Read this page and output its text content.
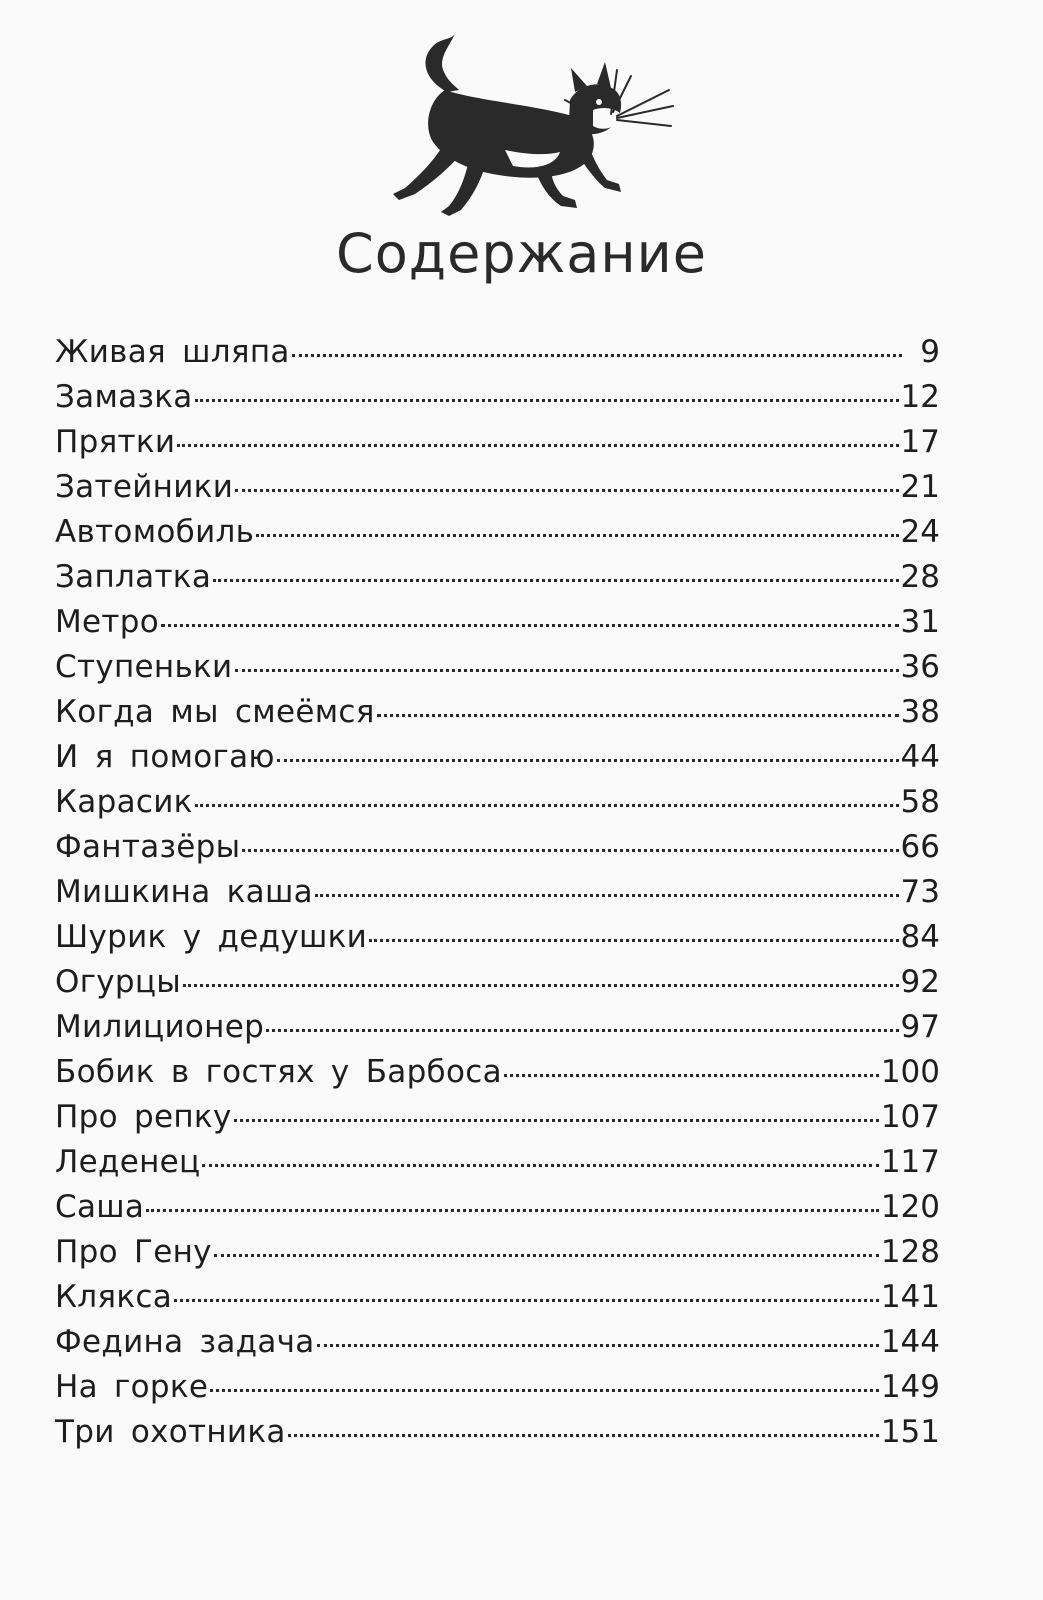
Содержание
Живая шляпа	9
Замазка	12
Прятки	17
Затейники	21
Автомобиль	24
Заплатка	28
Метро	31
Ступеньки	36
Когда мы смеёмся	38
И я помогаю	44
Карасик	58
Фантазёры	66
Мишкина каша	73
Шурик у дедушки	84
Огурцы	92
Милиционер	97
Бобик в гостях у Барбоса	100
Про репку	107
Леденец	117
Саша	120
Про Гену	128
Клякса	141
Федина задача	144
На горке	149
Три охотника	151
